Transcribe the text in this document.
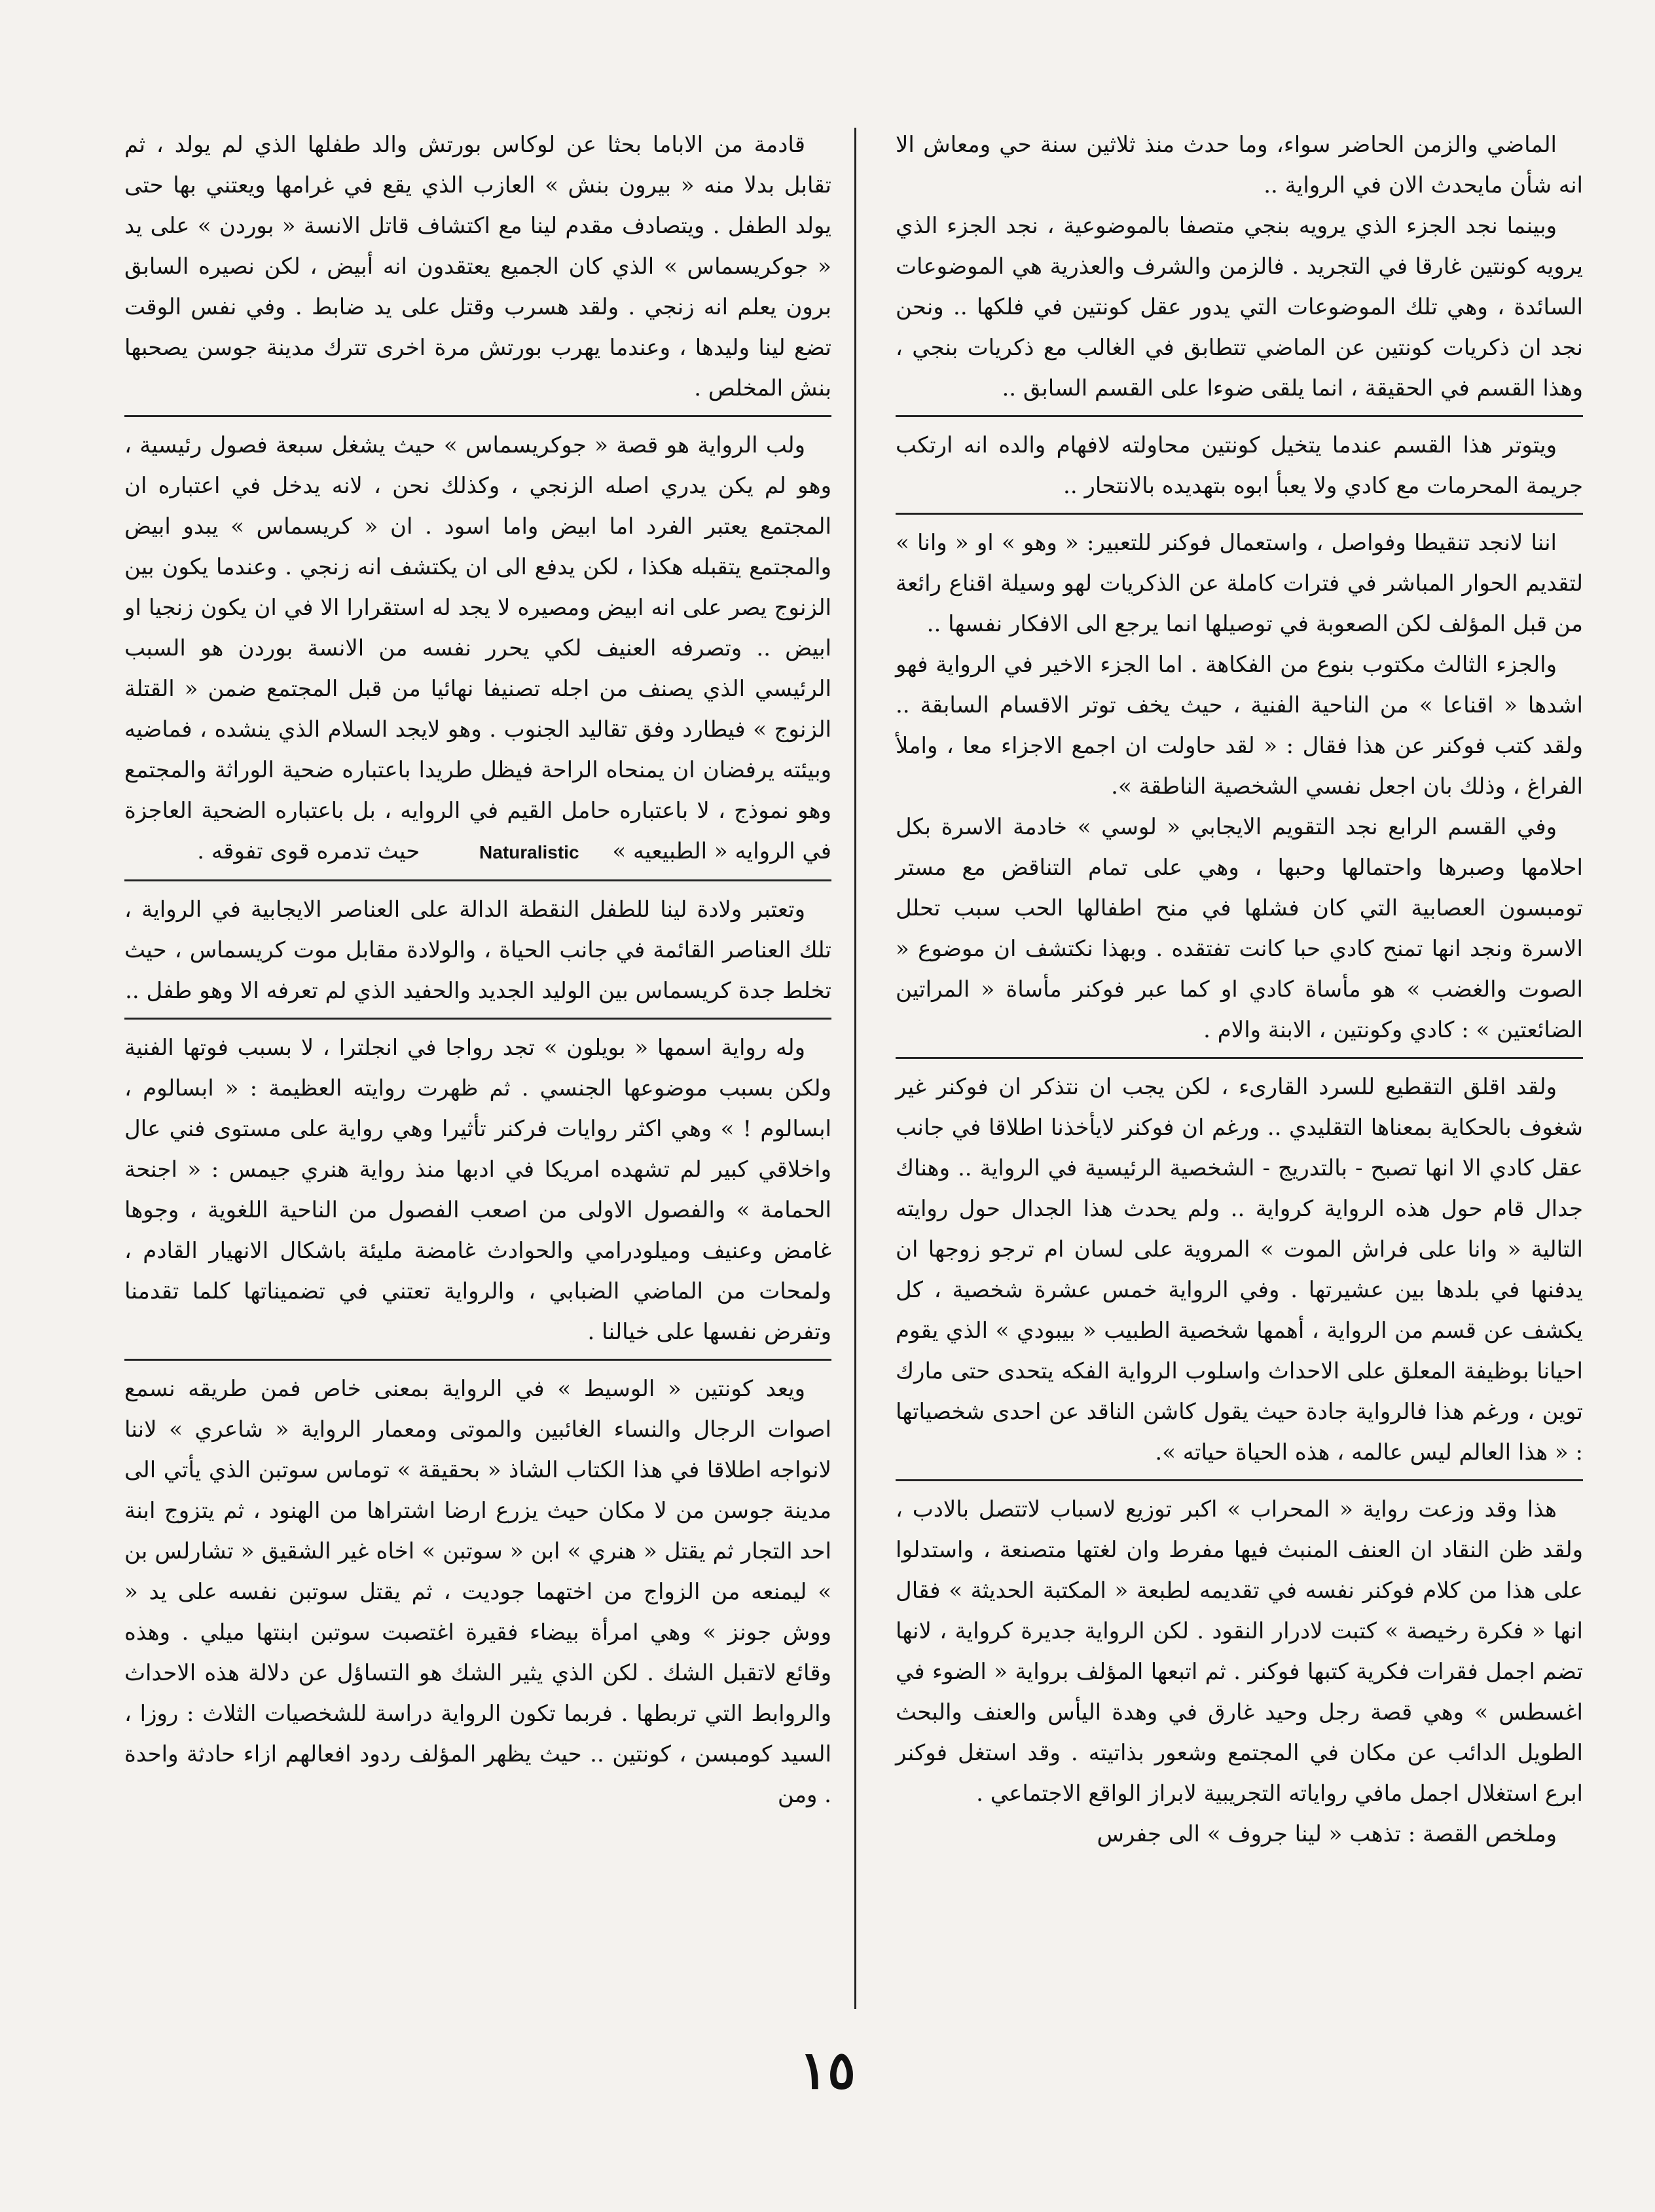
الماضي والزمن الحاضر سواء، وما حدث منذ ثلاثين سنة حي ومعاش الا انه شأن مايحدث الان في الرواية ..

وبينما نجد الجزء الذي يرويه بنجي متصفا بالموضوعية ، نجد الجزء الذي يرويه كونتين غارقا في التجريد . فالزمن والشرف والعذرية هي الموضوعات السائدة ، وهي تلك الموضوعات التي يدور عقل كونتين في فلكها .. ونحن نجد ان ذكريات كونتين عن الماضي تتطابق في الغالب مع ذكريات بنجي ، وهذا القسم في الحقيقة ، انما يلقى ضوءا على القسم السابق ..

ويتوتر هذا القسم عندما يتخيل كونتين محاولته لافهام والده انه ارتكب جريمة المحرمات مع كادي ولا يعبأ ابوه بتهديده بالانتحار ..

اننا لانجد تنقيطا وفواصل ، واستعمال فوكنر للتعبير: « وهو » او « وانا » لتقديم الحوار المباشر في فترات كاملة عن الذكريات لهو وسيلة اقناع رائعة من قبل المؤلف لكن الصعوبة في توصيلها انما يرجع الى الافكار نفسها ..

والجزء الثالث مكتوب بنوع من الفكاهة . اما الجزء الاخير في الرواية فهو اشدها « اقناعا » من الناحية الفنية ، حيث يخف توتر الاقسام السابقة .. ولقد كتب فوكنر عن هذا فقال : « لقد حاولت ان اجمع الاجزاء معا ، واملأ الفراغ ، وذلك بان اجعل نفسي الشخصية الناطقة ».

وفي القسم الرابع نجد التقويم الايجابي « لوسي » خادمة الاسرة بكل احلامها وصبرها واحتمالها وحبها ، وهي على تمام التناقض مع مستر تومبسون العصابية التي كان فشلها في منح اطفالها الحب سبب تحلل الاسرة ونجد انها تمنح كادي حبا كانت تفتقده . وبهذا نكتشف ان موضوع « الصوت والغضب » هو مأساة كادي او كما عبر فوكنر مأساة « المراتين الضائعتين » : كادي وكونتين ، الابنة والام .

ولقد اقلق التقطيع للسرد القارىء ، لكن يجب ان نتذكر ان فوكنر غير شغوف بالحكاية بمعناها التقليدي .. ورغم ان فوكنر لايأخذنا اطلاقا في جانب عقل كادي الا انها تصبح - بالتدريج - الشخصية الرئيسية في الرواية .. وهناك جدال قام حول هذه الرواية كرواية .. ولم يحدث هذا الجدال حول روايته التالية « وانا على فراش الموت » المروية على لسان ام ترجو زوجها ان يدفنها في بلدها بين عشيرتها . وفي الرواية خمس عشرة شخصية ، كل يكشف عن قسم من الرواية ، أهمها شخصية الطبيب « بيبودي » الذي يقوم احيانا بوظيفة المعلق على الاحداث واسلوب الرواية الفكه يتحدى حتى مارك توين ، ورغم هذا فالرواية جادة حيث يقول كاشن الناقد عن احدى شخصياتها : « هذا العالم ليس عالمه ، هذه الحياة حياته ».

هذا وقد وزعت رواية « المحراب » اكبر توزيع لاسباب لاتتصل بالادب ، ولقد ظن النقاد ان العنف المنبث فيها مفرط وان لغتها متصنعة ، واستدلوا على هذا من كلام فوكنر نفسه في تقديمه لطبعة « المكتبة الحديثة » فقال انها « فكرة رخيصة » كتبت لادرار النقود . لكن الرواية جديرة كرواية ، لانها تضم اجمل فقرات فكرية كتبها فوكنر . ثم اتبعها المؤلف برواية « الضوء في اغسطس » وهي قصة رجل وحيد غارق في وهدة اليأس والعنف والبحث الطويل الدائب عن مكان في المجتمع وشعور بذاتيته . وقد استغل فوكنر ابرع استغلال اجمل مافي رواياته التجريبية لابراز الواقع الاجتماعي .

وملخص القصة : تذهب « لينا جروف » الى جفرس

قادمة من الاباما بحثا عن لوكاس بورتش والد طفلها الذي لم يولد ، ثم تقابل بدلا منه « بيرون بنش » العازب الذي يقع في غرامها ويعتني بها حتى يولد الطفل . ويتصادف مقدم لينا مع اكتشاف قاتل الانسة « بوردن » على يد « جوكريسماس » الذي كان الجميع يعتقدون انه أبيض ، لكن نصيره السابق برون يعلم انه زنجي . ولقد هسرب وقتل على يد ضابط . وفي نفس الوقت تضع لينا وليدها ، وعندما يهرب بورتش مرة اخرى تترك مدينة جوسن يصحبها بنش المخلص .

ولب الرواية هو قصة « جوكريسماس » حيث يشغل سبعة فصول رئيسية ، وهو لم يكن يدري اصله الزنجي ، وكذلك نحن ، لانه يدخل في اعتباره ان المجتمع يعتبر الفرد اما ابيض واما اسود . ان « كريسماس » يبدو ابيض والمجتمع يتقبله هكذا ، لكن يدفع الى ان يكتشف انه زنجي . وعندما يكون بين الزنوج يصر على انه ابيض ومصيره لا يجد له استقرارا الا في ان يكون زنجيا او ابيض .. وتصرفه العنيف لكي يحرر نفسه من الانسة بوردن هو السبب الرئيسي الذي يصنف من اجله تصنيفا نهائيا من قبل المجتمع ضمن « القتلة الزنوج » فيطارد وفق تقاليد الجنوب . وهو لايجد السلام الذي ينشده ، فماضيه وبيئته يرفضان ان يمنحاه الراحة فيظل طريدا باعتباره ضحية الوراثة والمجتمع وهو نموذج ، لا باعتباره حامل القيم في الروايه ، بل باعتباره الضحية العاجزة في الروايه « الطبيعيه » Naturalistic حيث تدمره قوى تفوقه .

وتعتبر ولادة لينا للطفل النقطة الدالة على العناصر الايجابية في الرواية ، تلك العناصر القائمة في جانب الحياة ، والولادة مقابل موت كريسماس ، حيث تخلط جدة كريسماس بين الوليد الجديد والحفيد الذي لم تعرفه الا وهو طفل ..

وله رواية اسمها « بويلون » تجد رواجا في انجلترا ، لا بسبب فوتها الفنية ولكن بسبب موضوعها الجنسي . ثم ظهرت روايته العظيمة : « ابسالوم ، ابسالوم ! » وهي اكثر روايات فركنر تأثيرا وهي رواية على مستوى فني عال واخلاقي كبير لم تشهده امريكا في ادبها منذ رواية هنري جيمس : « اجنحة الحمامة » والفصول الاولى من اصعب الفصول من الناحية اللغوية ، وجوها غامض وعنيف وميلودرامي والحوادث غامضة مليئة باشكال الانهيار القادم ، ولمحات من الماضي الضبابي ، والرواية تعتني في تضميناتها كلما تقدمنا وتفرض نفسها على خيالنا .

ويعد كونتين « الوسيط » في الرواية بمعنى خاص فمن طريقه نسمع اصوات الرجال والنساء الغائبين والموتى ومعمار الرواية « شاعري » لاننا لانواجه اطلاقا في هذا الكتاب الشاذ « بحقيقة » توماس سوتبن الذي يأتي الى مدينة جوسن من لا مكان حيث يزرع ارضا اشتراها من الهنود ، ثم يتزوج ابنة احد التجار ثم يقتل « هنري » ابن « سوتبن » اخاه غير الشقيق « تشارلس بن » ليمنعه من الزواج من اختهما جوديت ، ثم يقتل سوتبن نفسه على يد « ووش جونز » وهي امرأة بيضاء فقيرة اغتصبت سوتبن ابنتها ميلي . وهذه وقائع لاتقبل الشك . لكن الذي يثير الشك هو التساؤل عن دلالة هذه الاحداث والروابط التي تربطها . فربما تكون الرواية دراسة للشخصيات الثلاث : روزا ، السيد كومبسن ، كونتين .. حيث يظهر المؤلف ردود افعالهم ازاء حادثة واحدة . ومن

١٥
